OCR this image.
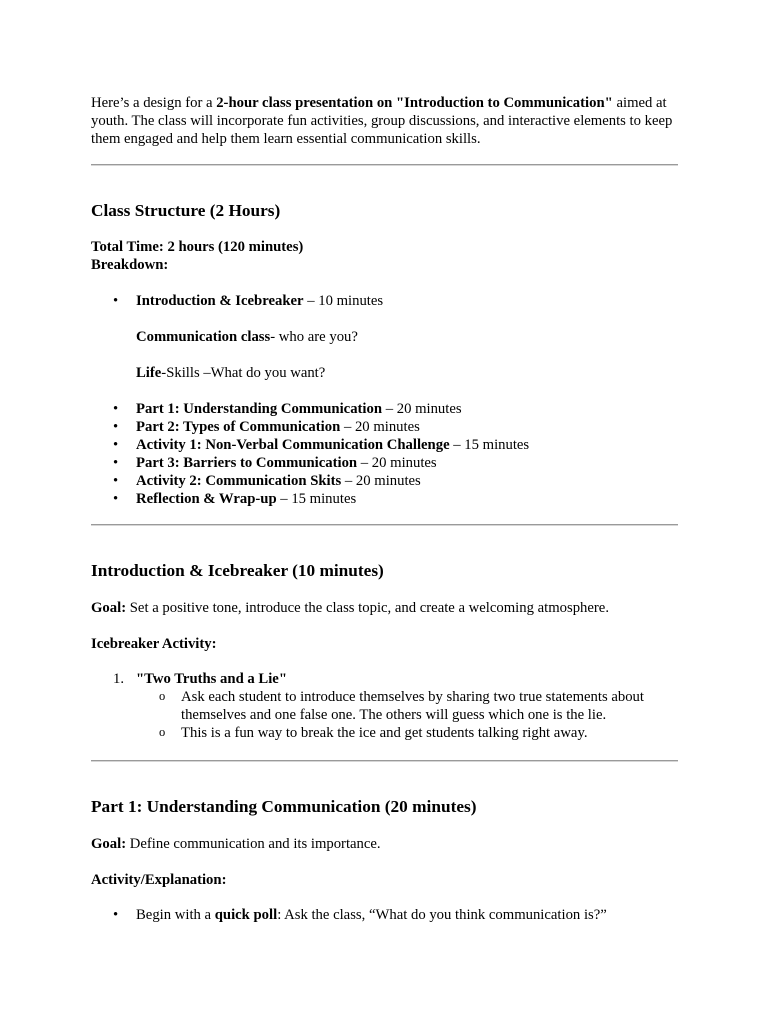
Here’s a design for a 2-hour class presentation on "Introduction to Communication" aimed at youth. The class will incorporate fun activities, group discussions, and interactive elements to keep them engaged and help them learn essential communication skills.

Class Structure (2 Hours)

Total Time: 2 hours (120 minutes)

Breakdown:

• Introduction & Icebreaker – 10 minutes
Communication class- who are you?
Life-Skills –What do you want?
• Part 1: Understanding Communication – 20 minutes
• Part 2: Types of Communication – 20 minutes
• Activity 1: Non-Verbal Communication Challenge – 15 minutes
• Part 3: Barriers to Communication – 20 minutes
• Activity 2: Communication Skits – 20 minutes
• Reflection & Wrap-up – 15 minutes
Introduction & Icebreaker (10 minutes)
Goal: Set a positive tone, introduce the class topic, and create a welcoming atmosphere.
Icebreaker Activity:
1. "Two Truths and a Lie"
o Ask each student to introduce themselves by sharing two true statements about themselves and one false one. The others will guess which one is the lie.
o This is a fun way to break the ice and get students talking right away.
Part 1: Understanding Communication (20 minutes)
Goal: Define communication and its importance.
Activity/Explanation:
• Begin with a quick poll: Ask the class, “What do you think communication is?”
